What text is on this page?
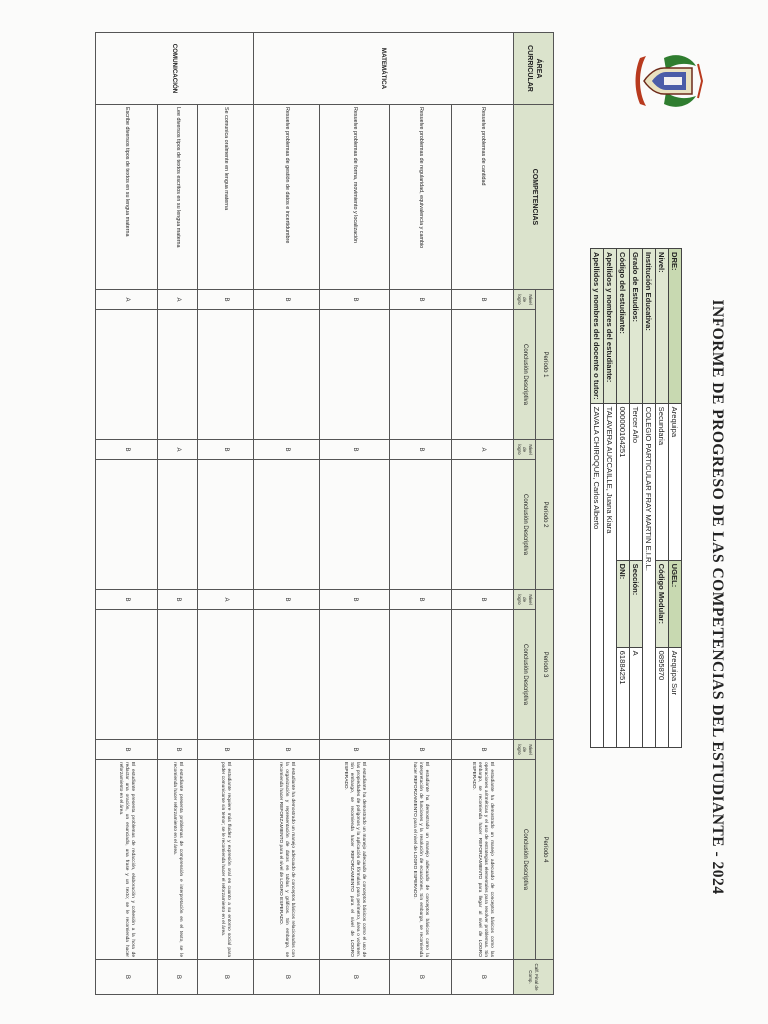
INFORME DE PROGRESO DE LAS COMPETENCIAS DEL ESTUDIANTE - 2024
DRE:	Arequipa	UGEL:	Arequipa Sur
Nivel:	Secundaria	Código Modular:	0895870
Institución Educativa:	COLEGIO PARTICULAR FRAY MARTIN E.I.R.L.		
Grado de Estudios:	Tercer Año	Sección:	A
Código del estudiante:	000000164251	DNI:	61884251
Apellidos y nombres del estudiante:	TALAVERA AUCCAILLE, Juana Kiara		
Apellidos y nombres del docente o tutor:	ZAVALA CHIROQUE, Carlos Alberto		
ÁREA CURRICULAR	COMPETENCIAS	Período 1		Período 2		Periodo 3		Período 4		Calf. Final de Comp.
		Nivel de logro	Conclusión Descriptiva	Nivel de logro	Conclusión Descriptiva	Nivel de logro	Conclusión Descriptiva	Nivel de logro	Conclusión Descriptiva	
MATEMÁTICA	Resuelve problemas de cantidad	B		A		B		B	El estudiante ha demostrado un manejo adecuado de conceptos básicos como las operaciones aritméticas y el uso de estrategias elementales para resolver problemas. Sin embargo, se recomienda hacer REFORZAMIENTO para llegar al nivel de LOGRO ESPERADO.	B
	Resuelve problemas de regularidad, equivalencia y cambio	B		B		B		B	El estudiante ha demostrado un manejo adecuado de conceptos básicos como la interpretación de funciones y la resolución de ecuaciones. Sin embargo, se recomienda hacer REFORZAMIENTO para el nivel de LOGRO ESPERADO.	B
	Resuelve problemas de forma, movimiento y localización	B		B		B		B	El estudiante ha demostrado un manejo adecuado de conceptos básicos como el uso de las propiedades de polígonos y la aplicación de fórmulas para perímetro, área o volumen. Sin embargo, se recomienda hacer REFORZAMIENTO para el nivel de LOGRO ESPERADO.	B
	Resuelve problemas de gestión de datos e incertidumbre	B		B		B		B	El estudiante ha demostrado un manejo adecuado de conceptos básicos relacionados con la organización y representación de datos en tablas y gráficos. Sin embargo, se recomienda hacer REFORZAMIENTO para el nivel de LOGRO ESPERADO.	B
COMUNICACIÓN	Se comunica oralmente en lengua materna	B		B		A		B	El estudiante requiere más fluidez y expresión oral en cuanto a su entorno social para poder comunicarse sin temor; se le recomienda hacer el reforzamiento en el área.	B
	Lee diversos tipos de textos escritos en su lengua materna	A		A		B		B	El estudiante presenta problemas de comprensión e interpretación en el texto, se le recomienda hacer reforzamiento en el área.	B
	Escribe diversos tipos de textos en su lengua materna	A		B		B		B	El estudiante presenta problemas de redacción, elaboración y cohesión a la hora de redactar una oración, un enunciado, una frase y un texto; se le recomienda hacer reforzamiento en el área.	B
